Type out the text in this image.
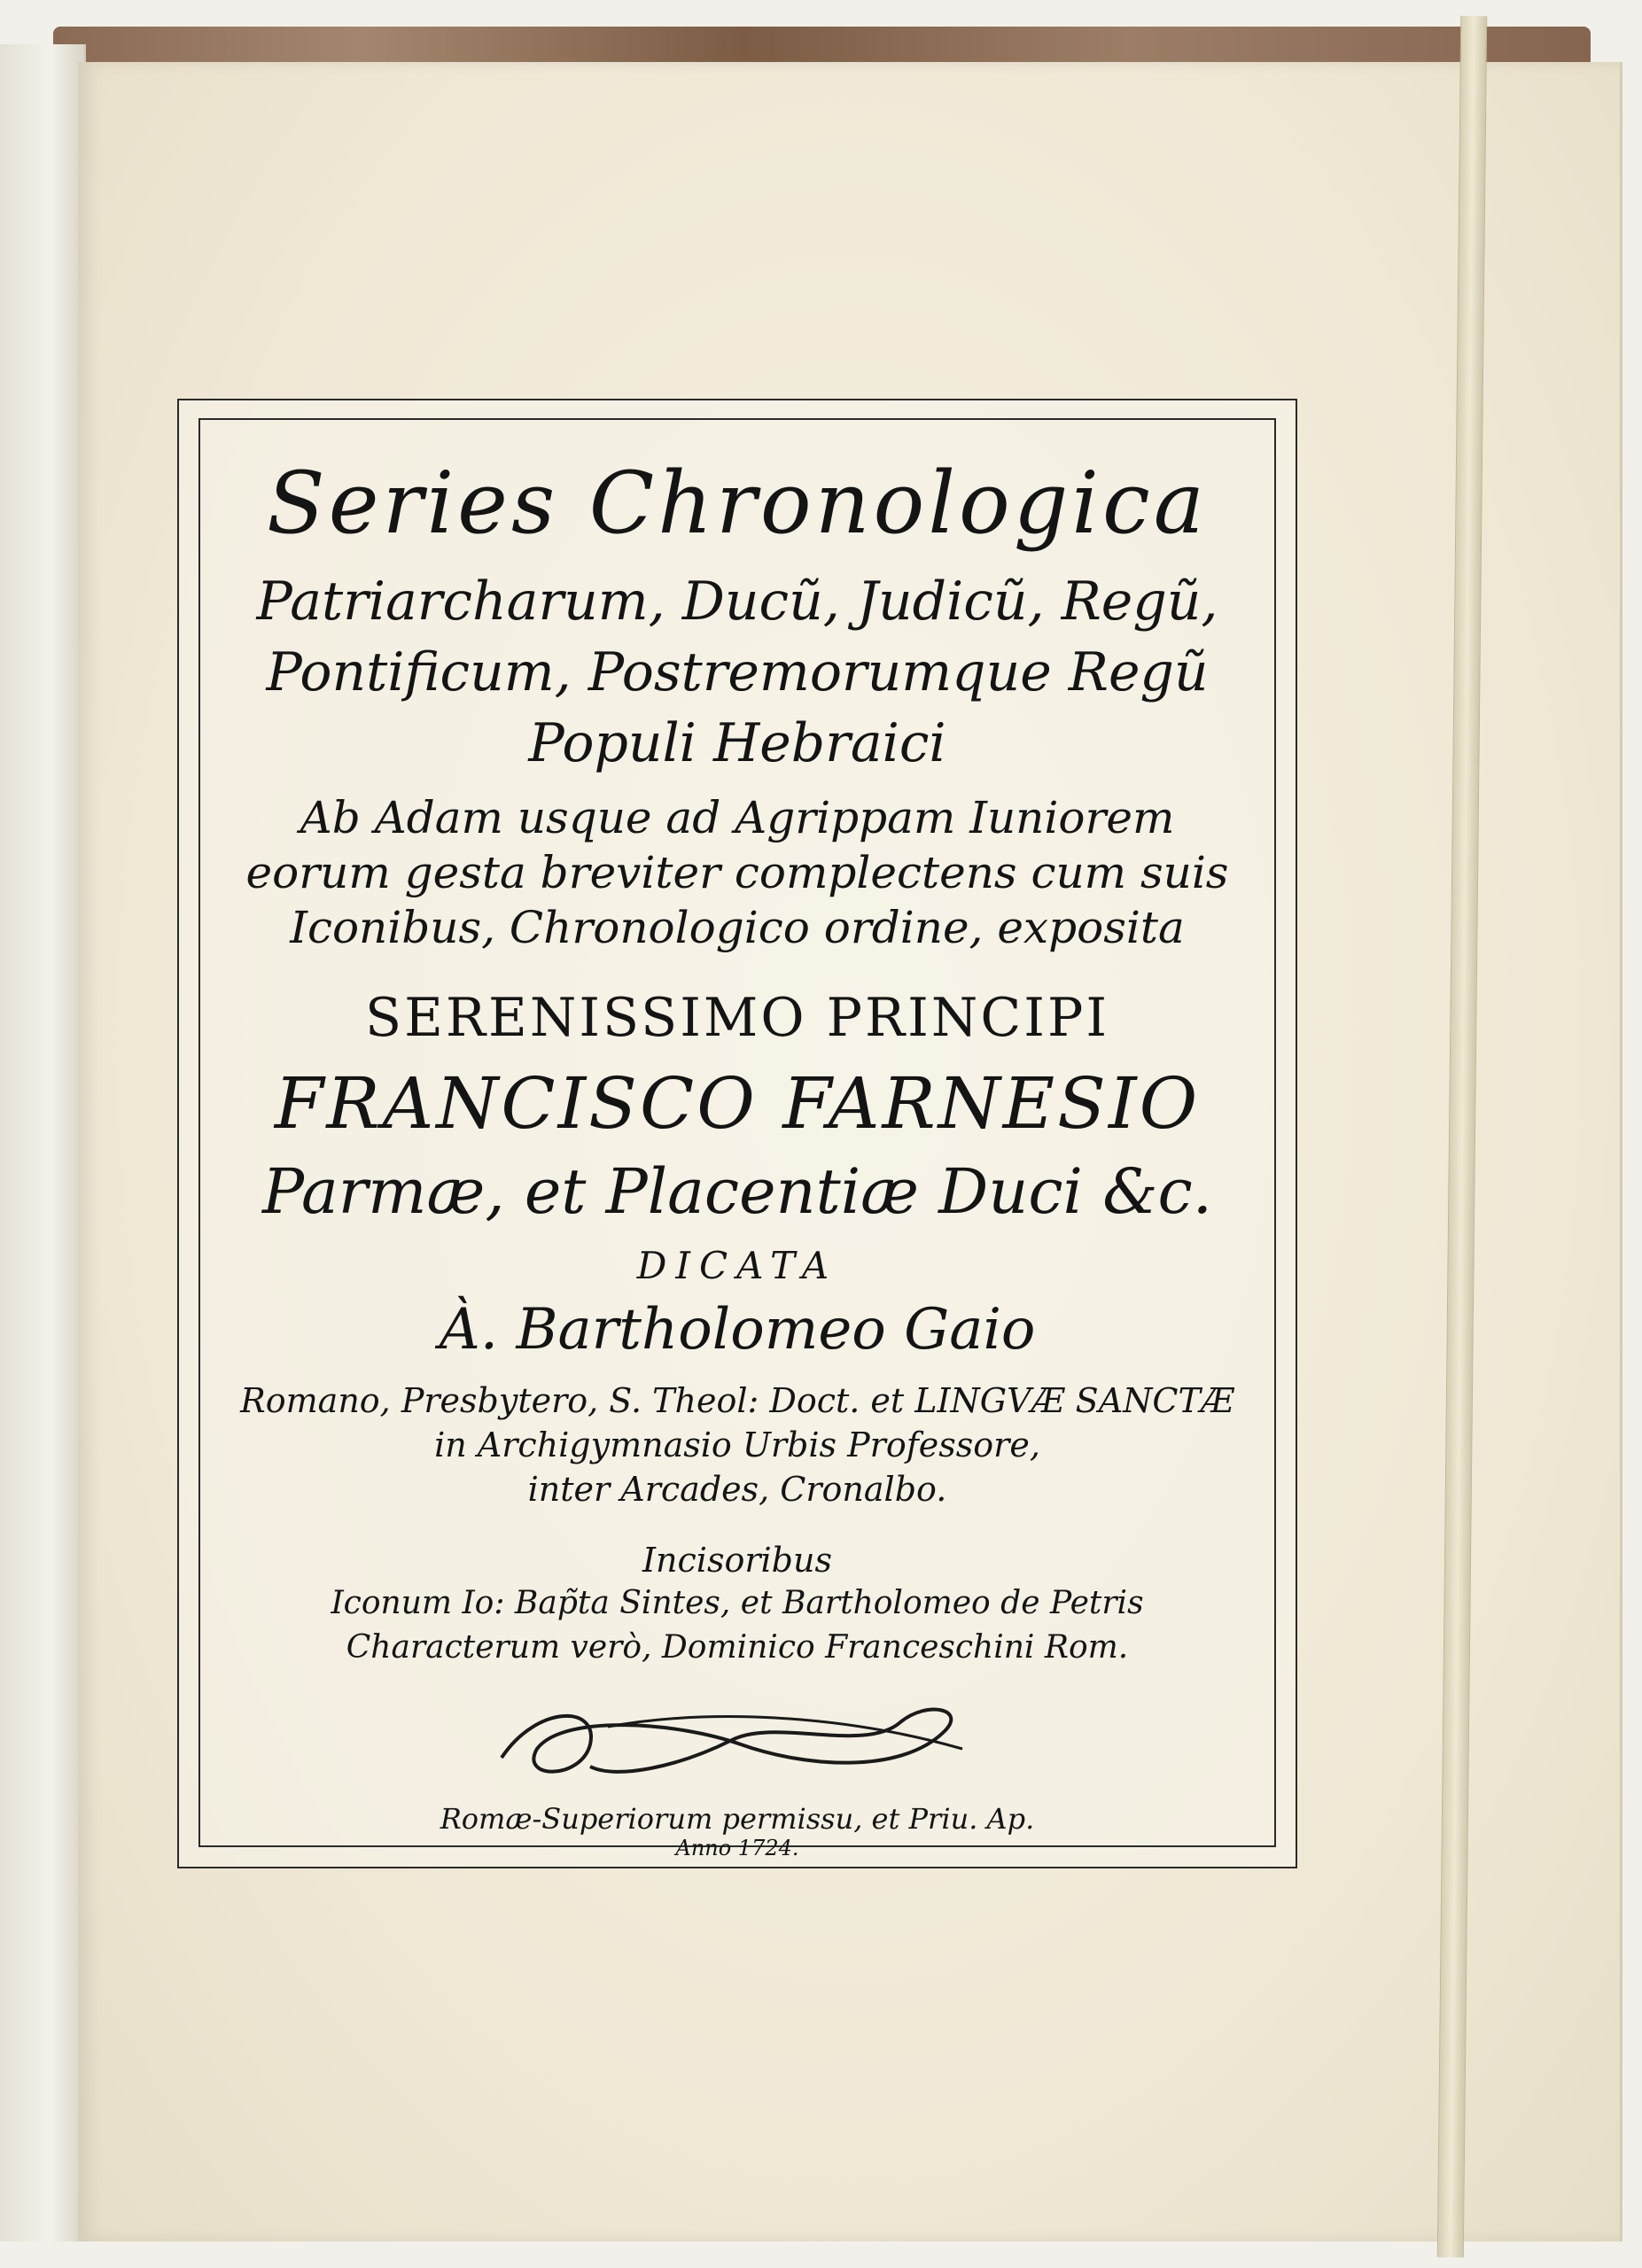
Series Chronologica
Patriarcharum, Ducũ, Judicũ, Regũ,
Pontificum, Postremorumque Regũ
Populi Hebraici
Ab Adam usque ad Agrippam Iuniorem
eorum gesta breviter complectens cum suis
Iconibus, Chronologico ordine, exposita
SERENISSIMO PRINCIPI
FRANCISCO FARNESIO
Parmæ, et Placentiæ Duci &c.
DICATA
À. Bartholomeo Gaio
Romano, Presbytero, S. Theol: Doct. et LINGVÆ SANCTÆ
in Archigymnasio Urbis Professore,
inter Arcades, Cronalbo.
Incisoribus
Iconum Io: Bap̃ta Sintes, et Bartholomeo de Petris
Characterum verò, Dominico Franceschini Rom.
Romæ-Superiorum permissu, et Priu. Ap.
Anno 1724.
